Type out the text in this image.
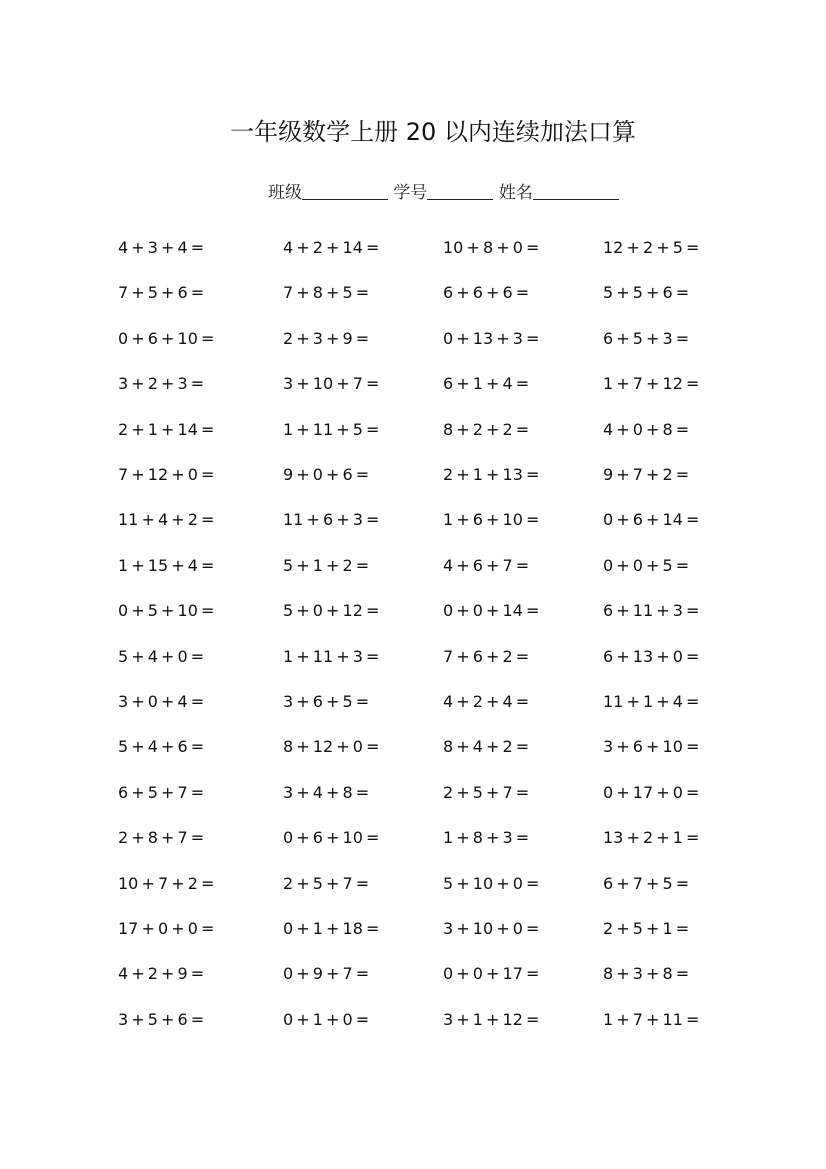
一年级数学上册 20 以内连续加法口算
班级	学号	姓名
4 + 3 + 4 =	4 + 2 + 14 =	10 + 8 + 0 =	12 + 2 + 5 =
7 + 5 + 6 =	7 + 8 + 5 =	6 + 6 + 6 =	5 + 5 + 6 =
0 + 6 + 10 =	2 + 3 + 9 =	0 + 13 + 3 =	6 + 5 + 3 =
3 + 2 + 3 =	3 + 10 + 7 =	6 + 1 + 4 =	1 + 7 + 12 =
2 + 1 + 14 =	1 + 11 + 5 =	8 + 2 + 2 =	4 + 0 + 8 =
7 + 12 + 0 =	9 + 0 + 6 =	2 + 1 + 13 =	9 + 7 + 2 =
11 + 4 + 2 =	11 + 6 + 3 =	1 + 6 + 10 =	0 + 6 + 14 =
1 + 15 + 4 =	5 + 1 + 2 =	4 + 6 + 7 =	0 + 0 + 5 =
0 + 5 + 10 =	5 + 0 + 12 =	0 + 0 + 14 =	6 + 11 + 3 =
5 + 4 + 0 =	1 + 11 + 3 =	7 + 6 + 2 =	6 + 13 + 0 =
3 + 0 + 4 =	3 + 6 + 5 =	4 + 2 + 4 =	11 + 1 + 4 =
5 + 4 + 6 =	8 + 12 + 0 =	8 + 4 + 2 =	3 + 6 + 10 =
6 + 5 + 7 =	3 + 4 + 8 =	2 + 5 + 7 =	0 + 17 + 0 =
2 + 8 + 7 =	0 + 6 + 10 =	1 + 8 + 3 =	13 + 2 + 1 =
10 + 7 + 2 =	2 + 5 + 7 =	5 + 10 + 0 =	6 + 7 + 5 =
17 + 0 + 0 =	0 + 1 + 18 =	3 + 10 + 0 =	2 + 5 + 1 =
4 + 2 + 9 =	0 + 9 + 7 =	0 + 0 + 17 =	8 + 3 + 8 =
3 + 5 + 6 =	0 + 1 + 0 =	3 + 1 + 12 =	1 + 7 + 11 =
